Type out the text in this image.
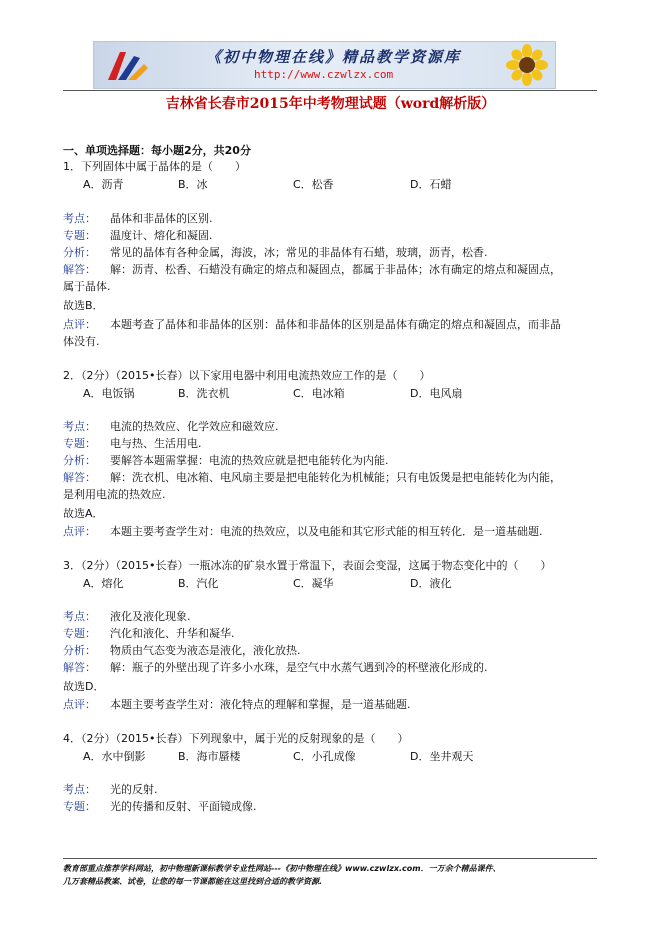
《初中物理在线》精品教学资源库
http://www.czwlzx.com
吉林省长春市2015年中考物理试题（word解析版）
一、单项选择题：每小题2分，共20分
1．下列固体中属于晶体的是（　　）
A．沥青	B．冰	C．松香	D．石蜡
考点： 晶体和非晶体的区别.
专题： 温度计、熔化和凝固.
分析： 常见的晶体有各种金属，海波，冰；常见的非晶体有石蜡，玻璃，沥青，松香.
解答： 解：沥青、松香、石蜡没有确定的熔点和凝固点，都属于非晶体；冰有确定的熔点和凝固点，
属于晶体.
故选B．
点评： 本题考查了晶体和非晶体的区别：晶体和非晶体的区别是晶体有确定的熔点和凝固点，而非晶
体没有.
2．（2分）（2015•长春）以下家用电器中利用电流热效应工作的是（　　）
A．电饭锅	B．洗衣机	C．电冰箱	D．电风扇
考点： 电流的热效应、化学效应和磁效应.
专题： 电与热、生活用电.
分析： 要解答本题需掌握：电流的热效应就是把电能转化为内能.
解答： 解：洗衣机、电冰箱、电风扇主要是把电能转化为机械能；只有电饭煲是把电能转化为内能，
是利用电流的热效应.
故选A．
点评： 本题主要考查学生对：电流的热效应，以及电能和其它形式能的相互转化．是一道基础题.
3．（2分）（2015•长春）一瓶冰冻的矿泉水置于常温下，表面会变湿，这属于物态变化中的（　　）
A．熔化	B．汽化	C．凝华	D．液化
考点： 液化及液化现象.
专题： 汽化和液化、升华和凝华.
分析： 物质由气态变为液态是液化，液化放热.
解答： 解：瓶子的外壁出现了许多小水珠，是空气中水蒸气遇到冷的杯壁液化形成的.
故选D．
点评： 本题主要考查学生对：液化特点的理解和掌握，是一道基础题.
4．（2分）（2015•长春）下列现象中，属于光的反射现象的是（　　）
A．水中倒影	B．海市蜃楼	C．小孔成像	D．坐井观天
考点： 光的反射.
专题： 光的传播和反射、平面镜成像.
教育部重点推荐学科网站，初中物理新课标教学专业性网站---《初中物理在线》www.czwlzx.com．一万余个精品课件、
几万套精品教案、试卷，让您的每一节课都能在这里找到合适的教学资源.
